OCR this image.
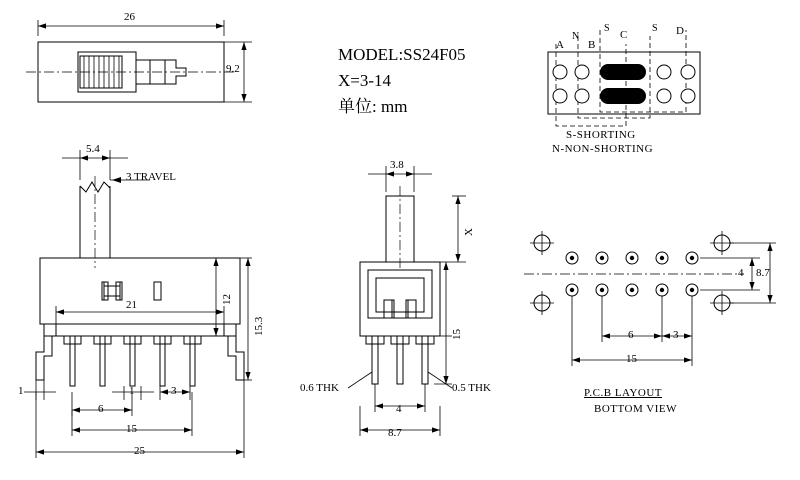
MODEL:SS24F05
X=3-14
单位: mm
26
9.2
5.4
3 TRAVEL
21	12
15.3
1	1	3
6
15
25
3.8
X
15
0.6 THK	0.5 THK
4
8.7
A
N
B
S
C
S D
S-SHORTING
N-NON-SHORTING
4 8.7
6	3
15
P.C.B LAYOUT
BOTTOM VIEW
